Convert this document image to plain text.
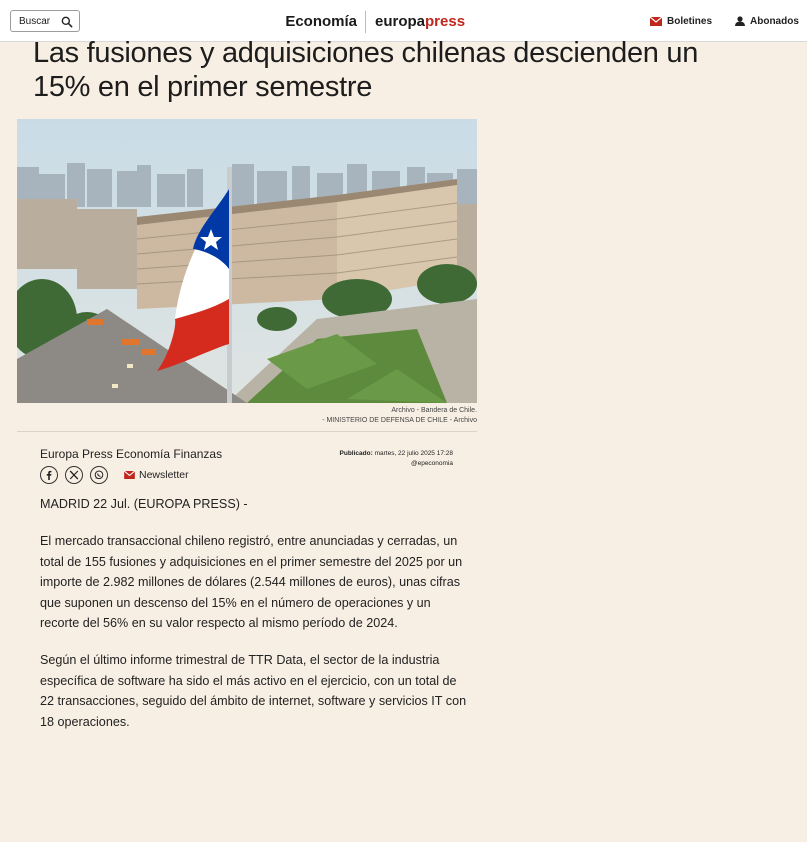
Buscar	Economía europapress	Boletines	Abonados
Las fusiones y adquisiciones chilenas descienden un 15% en el primer semestre
Archivo - Bandera de Chile.
- MINISTERIO DE DEFENSA DE CHILE - Archivo
Europa Press Economía Finanzas	Publicado: martes, 22 julio 2025 17:28
@epeconomia
Newsletter

MADRID 22 Jul. (EUROPA PRESS) -

El mercado transaccional chileno registró, entre anunciadas y cerradas, un total de 155 fusiones y adquisiciones en el primer semestre del 2025 por un importe de 2.982 millones de dólares (2.544 millones de euros), unas cifras que suponen un descenso del 15% en el número de operaciones y un recorte del 56% en su valor respecto al mismo período de 2024.

Según el último informe trimestral de TTR Data, el sector de la industria específica de software ha sido el más activo en el ejercicio, con un total de 22 transacciones, seguido del ámbito de internet, software y servicios IT con 18 operaciones.
